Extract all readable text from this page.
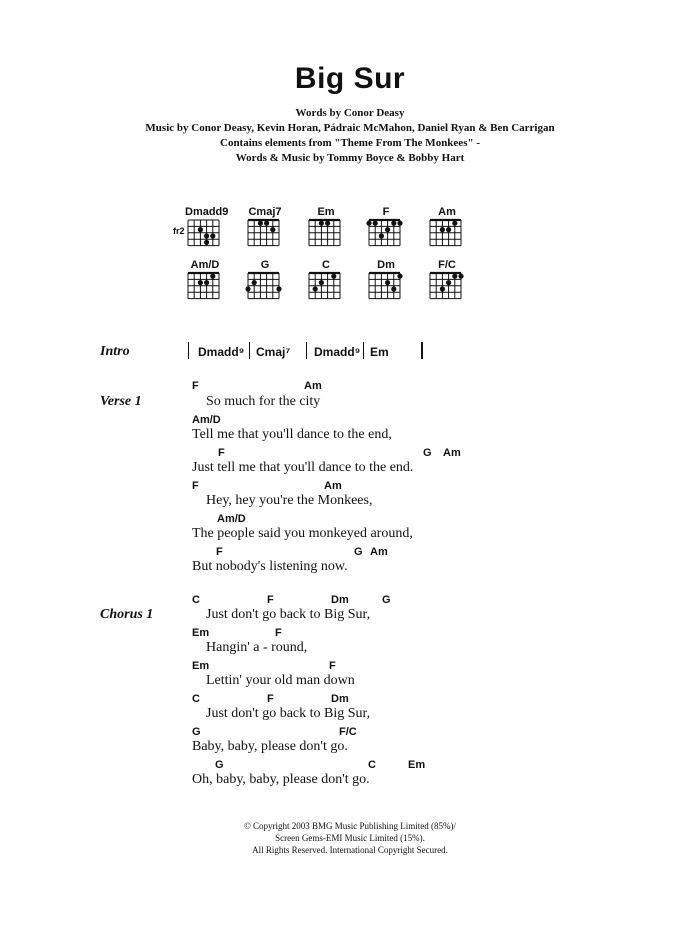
Big Sur
Words by Conor Deasy
Music by Conor Deasy, Kevin Horan, Pádraic McMahon, Daniel Ryan & Ben Carrigan
Contains elements from "Theme From The Monkees" -
Words & Music by Tommy Boyce & Bobby Hart
Dmadd9
fr2
Cmaj7	Em	F	Am
Am/D	G	C	Dm	F/C
Intro	Dmadd⁹ Cmaj⁷ Dmadd⁹ Em
Verse 1
F	Am
So much for the city
Am/D
Tell me that you'll dance to the end,
F	G Am
Just tell me that you'll dance to the end.
F	Am
Hey, hey you're the Monkees,
Am/D
The people said you monkeyed around,
F	G Am
But nobody's listening now.
Chorus 1
C	F	Dm	G
Just don't go back to Big Sur,
Em	F
Hangin' a - round,
Em	F
Lettin' your old man down
C	F	Dm
Just don't go back to Big Sur,
G	F/C
Baby, baby, please don't go.
G	C	Em
Oh, baby, baby, please don't go.
© Copyright 2003 BMG Music Publishing Limited (85%)/
Screen Gems-EMI Music Limited (15%).
All Rights Reserved. International Copyright Secured.
